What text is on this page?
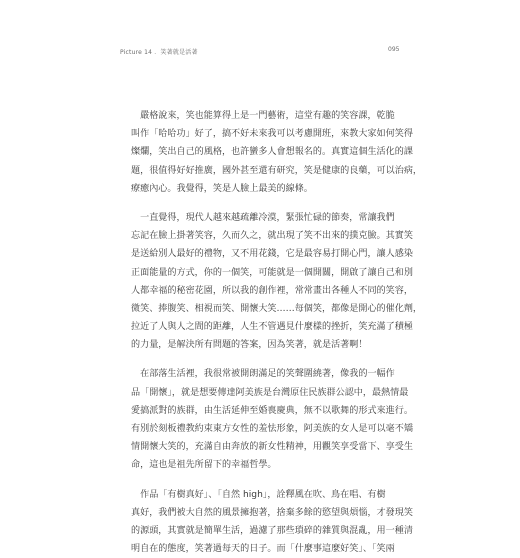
Picture 14 ．笑著就是活著	095

　嚴格說來，笑也能算得上是一門藝術，這堂有趣的笑容課，乾脆
叫作「哈哈功」好了，搞不好未來我可以考慮開班，來教大家如何笑得
燦爛，笑出自己的風格，也許蠻多人會想報名的。真實這個生活化的課
題，很值得好好推廣，國外甚至還有研究，笑是健康的良藥，可以治病，
療癒內心。我覺得，笑是人臉上最美的線條。

　一直覺得，現代人越來越疏離冷漠，緊張忙碌的節奏，常讓我們
忘記在臉上掛著笑容，久而久之，就出現了笑不出來的撲克臉。其實笑
是送給別人最好的禮物，又不用花錢，它是最容易打開心門，讓人感染
正面能量的方式，你的一個笑，可能就是一個開關，開啟了讓自己和別
人都幸福的秘密花園，所以我的創作裡，常常畫出各種人不同的笑容，
微笑、捧腹笑、相視而笑、開懷大笑……每個笑，都像是開心的催化劑，
拉近了人與人之間的距離，人生不管遇見什麼樣的挫折，笑充滿了積極
的力量，是解決所有問題的答案，因為笑著，就是活著啊！

　在部落生活裡，我很常被開朗滿足的笑聲圍繞著，像我的一幅作
品「開懷」，就是想要傳達阿美族是台灣原住民族群公認中，最熱情最
愛搞派對的族群，由生活延伸至婚喪慶典，無不以歌舞的形式來進行。
有別於刻板禮教約束東方女性的羞怯形象，阿美族的女人是可以毫不矯
情開懷大笑的，充滿自由奔放的新女性精神，用觀笑享受當下、享受生
命，這也是祖先所留下的幸福哲學。

　作品「有樹真好」、「自然 high」，詮釋風在吹、鳥在唱、有樹
真好，我們被大自然的風景擁抱著，捨棄多餘的慾望與煩惱，才發現笑
的源頭，其實就是簡單生活，過濾了那些瑣碎的雜質與混亂，用一種清
明自在的態度，笑著過每天的日子。而「什麼事這麼好笑」、「笑兩
